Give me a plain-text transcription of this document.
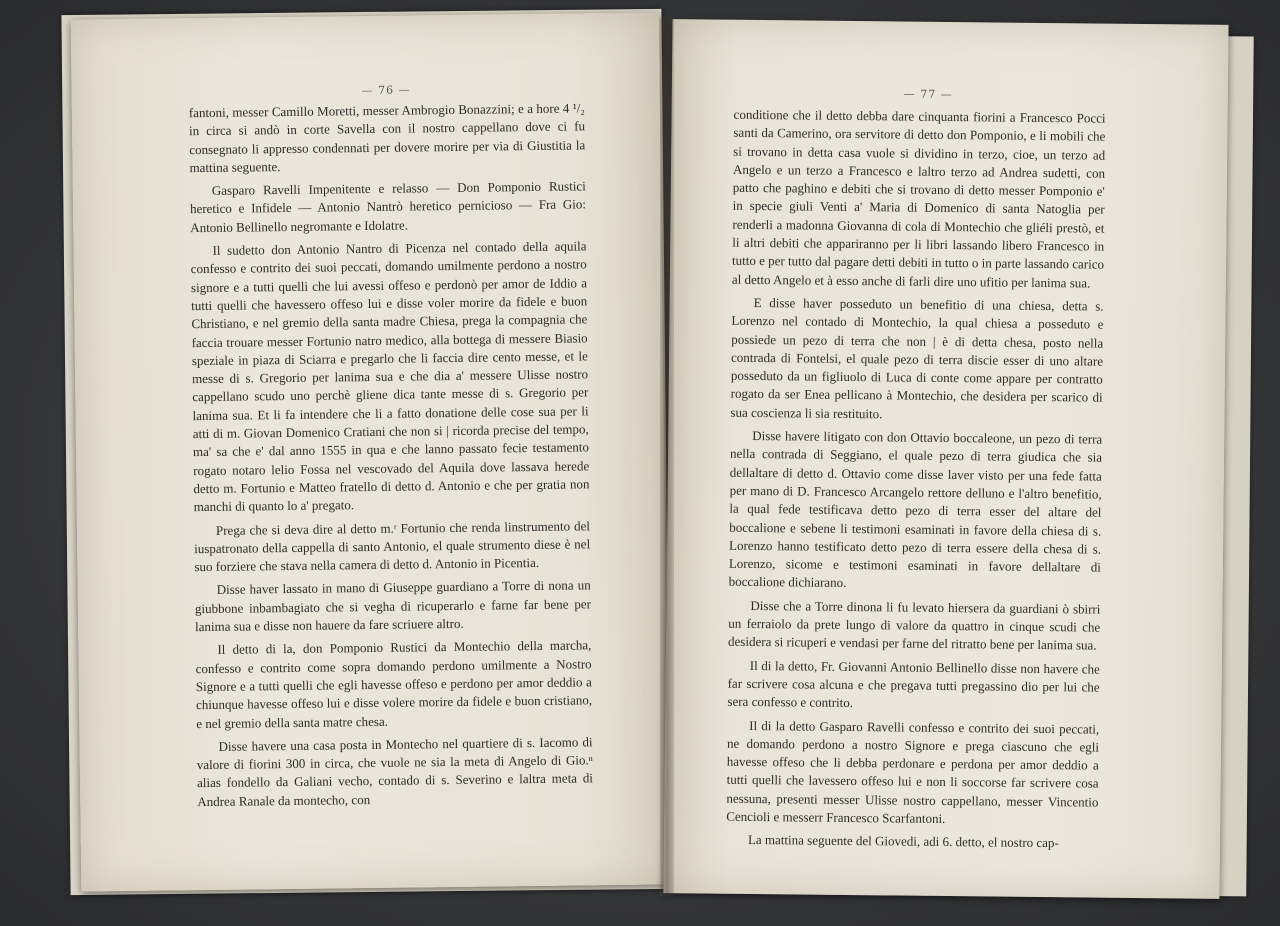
— 76 —

fantoni, messer Camillo Moretti, messer Ambrogio Bonazzini; e a hore 4 ¹/₂ in circa si andò in corte Savella con il nostro cappellano dove ci fu consegnato li appresso condennati per dovere morire per via di Giustitia la mattina seguente.

Gasparo Ravelli Impenitente e relasso — Don Pomponio Rustici heretico e Infidele — Antonio Nantrò heretico pernicioso — Fra Gio: Antonio Bellinello negromante e Idolatre.

Il sudetto don Antonio Nantro di Picenza nel contado della aquila confesso e contrito dei suoi peccati, domando umilmente perdono a nostro signore e a tutti quelli che lui avessi offeso e perdonò per amor de Iddio a tutti quelli che havessero offeso lui e disse voler morire da fidele e buon Christiano, e nel gremio della santa madre Chiesa, prega la compagnia che faccia trouare messer Fortunio natro medico, alla bottega di messere Biasio speziale in piaza di Sciarra e pregarlo che li faccia dire cento messe, et le messe di s. Gregorio per lanima sua e che dia a' messere Ulisse nostro cappellano scudo uno perchè gliene dica tante messe di s. Gregorio per lanima sua. Et li fa intendere che li a fatto donatione delle cose sua per li atti di m. Giovan Domenico Cratiani che non si | ricorda precise del tempo, ma' sa che e' dal anno 1555 in qua e che lanno passato fecie testamento rogato notaro lelio Fossa nel vescovado del Aquila dove lassava herede detto m. Fortunio e Matteo fratello di detto d. Antonio e che per gratia non manchi di quanto lo a' pregato.

Prega che si deva dire al detto m.ʳ Fortunio che renda linstrumento del iuspatronato della cappella di santo Antonio, el quale strumento diese è nel suo forziere che stava nella camera di detto d. Antonio in Picentia.

Disse haver lassato in mano di Giuseppe guardiano a Torre di nona un giubbone inbambagiato che si vegha di ricuperarlo e farne far bene per lanima sua e disse non hauere da fare scriuere altro.

Il detto di la, don Pomponio Rustici da Montechio della marcha, confesso e contrito come sopra domando perdono umilmente a Nostro Signore e a tutti quelli che egli havesse offeso e perdono per amor deddio a chiunque havesse offeso lui e disse volere morire da fidele e buon cristiano, e nel gremio della santa matre chesa.

Disse havere una casa posta in Montecho nel quartiere di s. Iacomo di valore di fiorini 300 in circa, che vuole ne sia la meta di Angelo di Gio.ⁿ alias fondello da Galiani vecho, contado di s. Severino e laltra meta di Andrea Ranale da montecho, con

— 77 —

conditione che il detto debba dare cinquanta fiorini a Francesco Pocci santi da Camerino, ora servitore di detto don Pomponio, e li mobili che si trovano in detta casa vuole si dividino in terzo, cioe, un terzo ad Angelo e un terzo a Francesco e laltro terzo ad Andrea sudetti, con patto che paghino e debiti che si trovano di detto messer Pomponio e' in specie giuli Venti a' Maria di Domenico di santa Natoglia per renderli a madonna Giovanna di cola di Montechio che gliéli prestò, et li altri debiti che appariranno per li libri lassando libero Francesco in tutto e per tutto dal pagare detti debiti in tutto o in parte lassando carico al detto Angelo et à esso anche di farli dire uno ufitio per lanima sua.

E disse haver posseduto un benefitio di una chiesa, detta s. Lorenzo nel contado di Montechio, la qual chiesa a posseduto e possiede un pezo di terra che non | è di detta chesa, posto nella contrada di Fontelsi, el quale pezo di terra discie esser di uno altare posseduto da un figliuolo di Luca di conte come appare per contratto rogato da ser Enea pellicano à Montechio, che desidera per scarico di sua coscienza li sia restituito.

Disse havere litigato con don Ottavio boccaleone, un pezo di terra nella contrada di Seggiano, el quale pezo di terra giudica che sia dellaltare di detto d. Ottavio come disse laver visto per una fede fatta per mano di D. Francesco Arcangelo rettore delluno e l'altro benefitio, la qual fede testificava detto pezo di terra esser del altare del boccalione e sebene li testimoni esaminati in favore della chiesa di s. Lorenzo hanno testificato detto pezo di terra essere della chesa di s. Lorenzo, sicome e testimoni esaminati in favore dellaltare di boccalione dichiarano.

Disse che a Torre dinona li fu levato hiersera da guardiani ò sbirri un ferraiolo da prete lungo di valore da quattro in cinque scudi che desidera si ricuperi e vendasi per farne del ritratto bene per lanima sua.

Il di la detto, Fr. Giovanni Antonio Bellinello disse non havere che far scrivere cosa alcuna e che pregava tutti pregassino dio per lui che sera confesso e contrito.

Il di la detto Gasparo Ravelli confesso e contrito dei suoi peccati, ne domando perdono a nostro Signore e prega ciascuno che egli havesse offeso che li debba perdonare e perdona per amor deddio a tutti quelli che lavessero offeso lui e non li soccorse far scrivere cosa nessuna, presenti messer Ulisse nostro cappellano, messer Vincentio Cencioli e messerr Francesco Scarfantoni.

La mattina seguente del Giovedi, adi 6. detto, el nostro cap-
